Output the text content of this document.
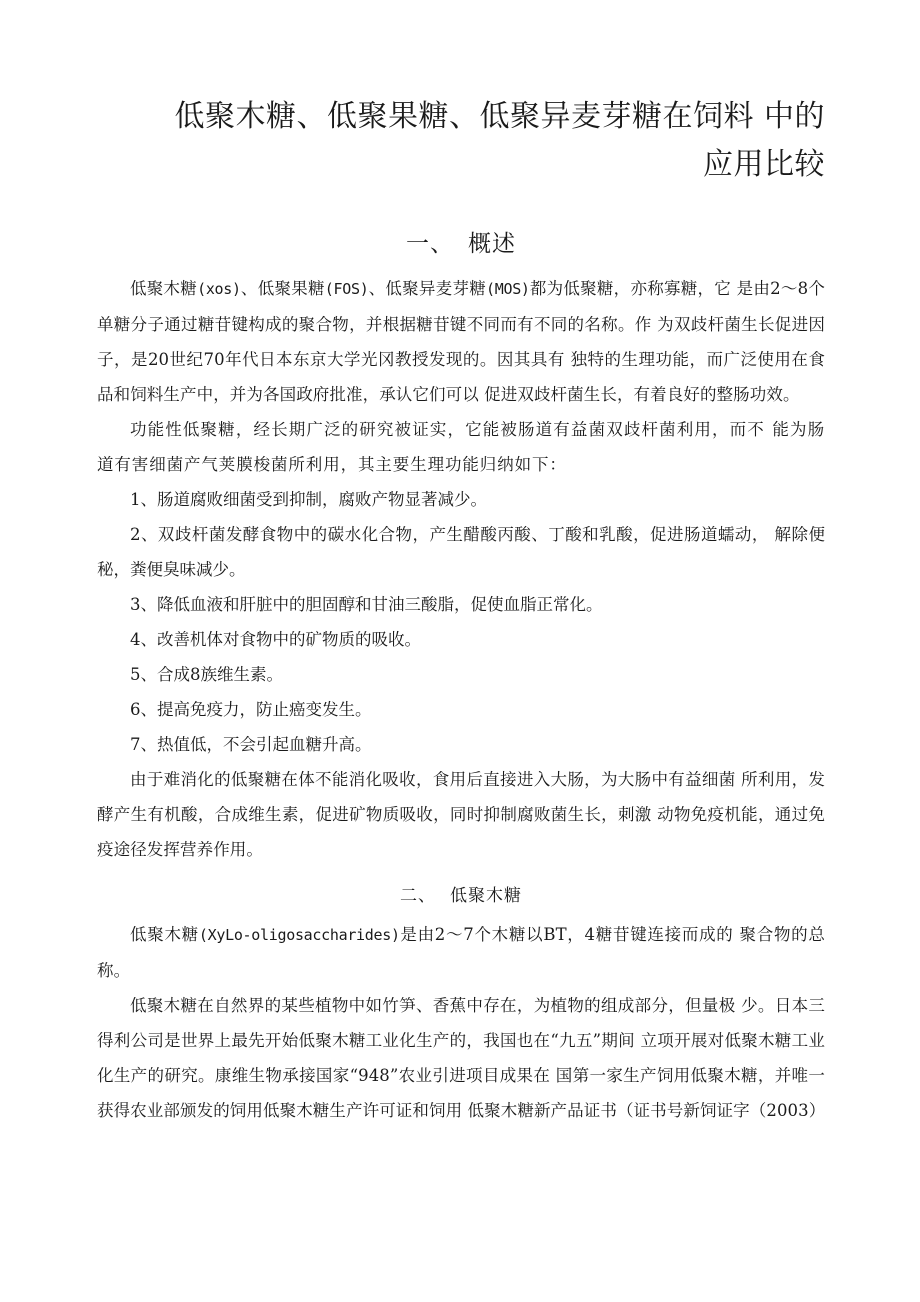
低聚木糖、低聚果糖、低聚异麦芽糖在饲料 中的
应用比较
一、 概述

低聚木糖(xos)、低聚果糖(FOS)、低聚异麦芽糖(MOS)都为低聚糖，亦称寡糖，它 是由2～8个单糖分子通过糖苷键构成的聚合物，并根据糖苷键不同而有不同的名称。作 为双歧杆菌生长促进因子，是20世纪70年代日本东京大学光冈教授发现的。因其具有 独特的生理功能，而广泛使用在食品和饲料生产中，并为各国政府批准，承认它们可以 促进双歧杆菌生长，有着良好的整肠功效。

功能性低聚糖，经长期广泛的研究被证实，它能被肠道有益菌双歧杆菌利用，而不 能为肠道有害细菌产气荚膜梭菌所利用，其主要生理功能归纳如下：

1、肠道腐败细菌受到抑制，腐败产物显著减少。

2、双歧杆菌发酵食物中的碳水化合物，产生醋酸丙酸、丁酸和乳酸，促进肠道蠕动， 解除便秘，粪便臭味减少。

3、降低血液和肝脏中的胆固醇和甘油三酸脂，促使血脂正常化。

4、改善机体对食物中的矿物质的吸收。

5、合成8族维生素。

6、提高免疫力，防止癌变发生。

7、热值低，不会引起血糖升高。

由于难消化的低聚糖在体不能消化吸收，食用后直接进入大肠，为大肠中有益细菌 所利用，发酵产生有机酸，合成维生素，促进矿物质吸收，同时抑制腐败菌生长，刺激 动物免疫机能，通过免疫途径发挥营养作用。

二、 低聚木糖

低聚木糖(XyLo-oligosaccharides)是由2～7个木糖以BT，4糖苷键连接而成的 聚合物的总称。

低聚木糖在自然界的某些植物中如竹笋、香蕉中存在，为植物的组成部分，但量极 少。日本三得利公司是世界上最先开始低聚木糖工业化生产的，我国也在“九五”期间 立项开展对低聚木糖工业化生产的研究。康维生物承接国家“948”农业引进项目成果在 国第一家生产饲用低聚木糖，并唯一获得农业部颁发的饲用低聚木糖生产许可证和饲用 低聚木糖新产品证书（证书号新饲证字（2003）
